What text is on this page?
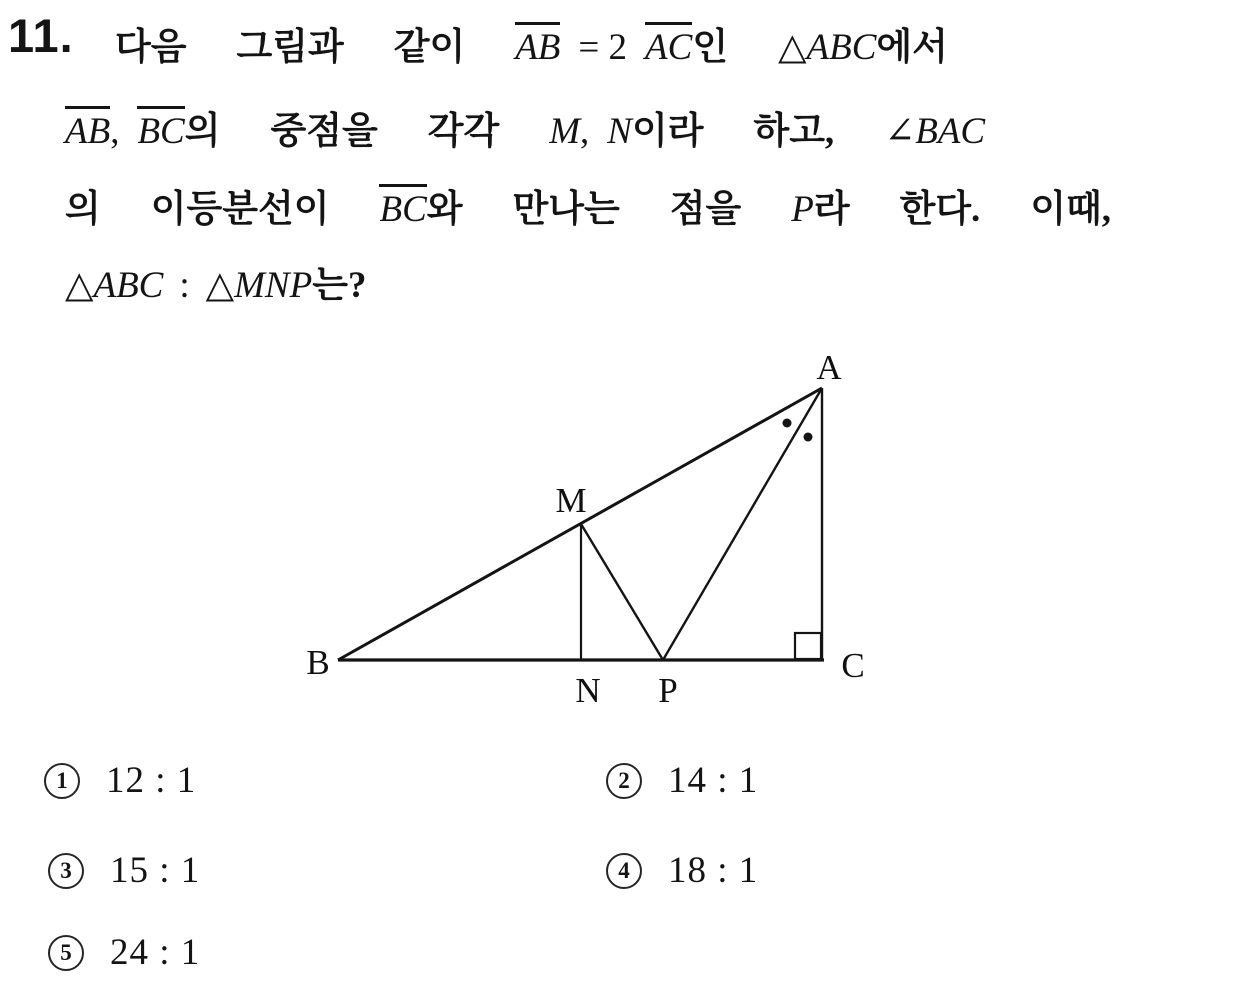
11. 다음 그림과 같이 AB = 2 AC인 △ABC에서
AB, BC의 중점을 각각 M, N이라 하고, ∠BAC
의 이등분선이 BC와 만나는 점을 P라 한다. 이때,
△ABC : △MNP는?
A
B	C
M
N P
1	12 : 1	2	14 : 1
3	15 : 1	4	18 : 1
5	24 : 1
